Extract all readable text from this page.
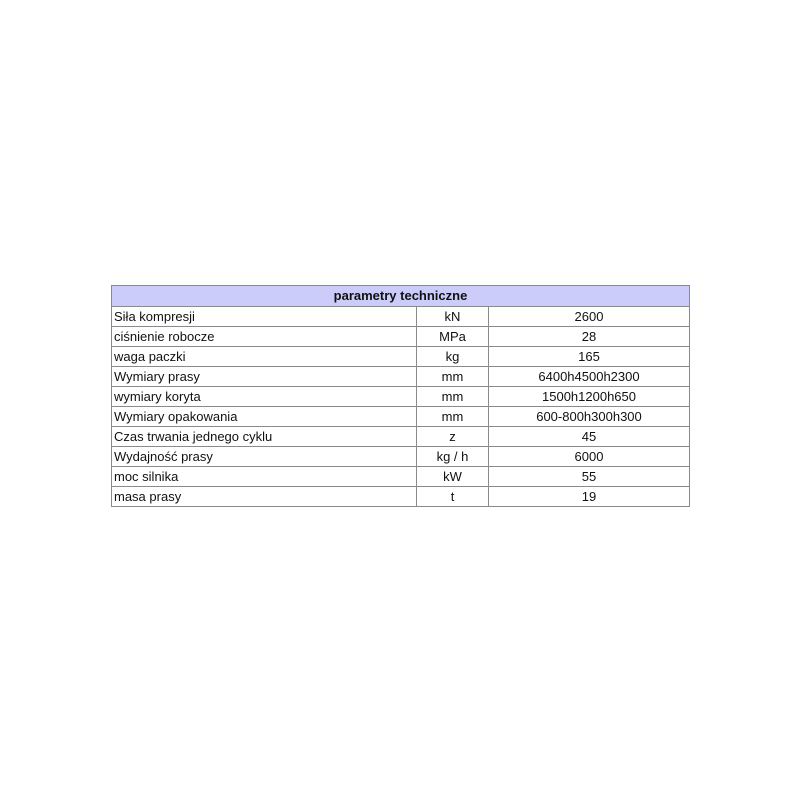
parametry techniczne		
Siła kompresji	kN	2600
ciśnienie robocze	MPa	28
waga paczki	kg	165
Wymiary prasy	mm	6400h4500h2300
wymiary koryta	mm	1500h1200h650
Wymiary opakowania	mm	600-800h300h300
Czas trwania jednego cyklu	z	45
Wydajność prasy	kg / h	6000
moc silnika	kW	55
masa prasy	t	19
